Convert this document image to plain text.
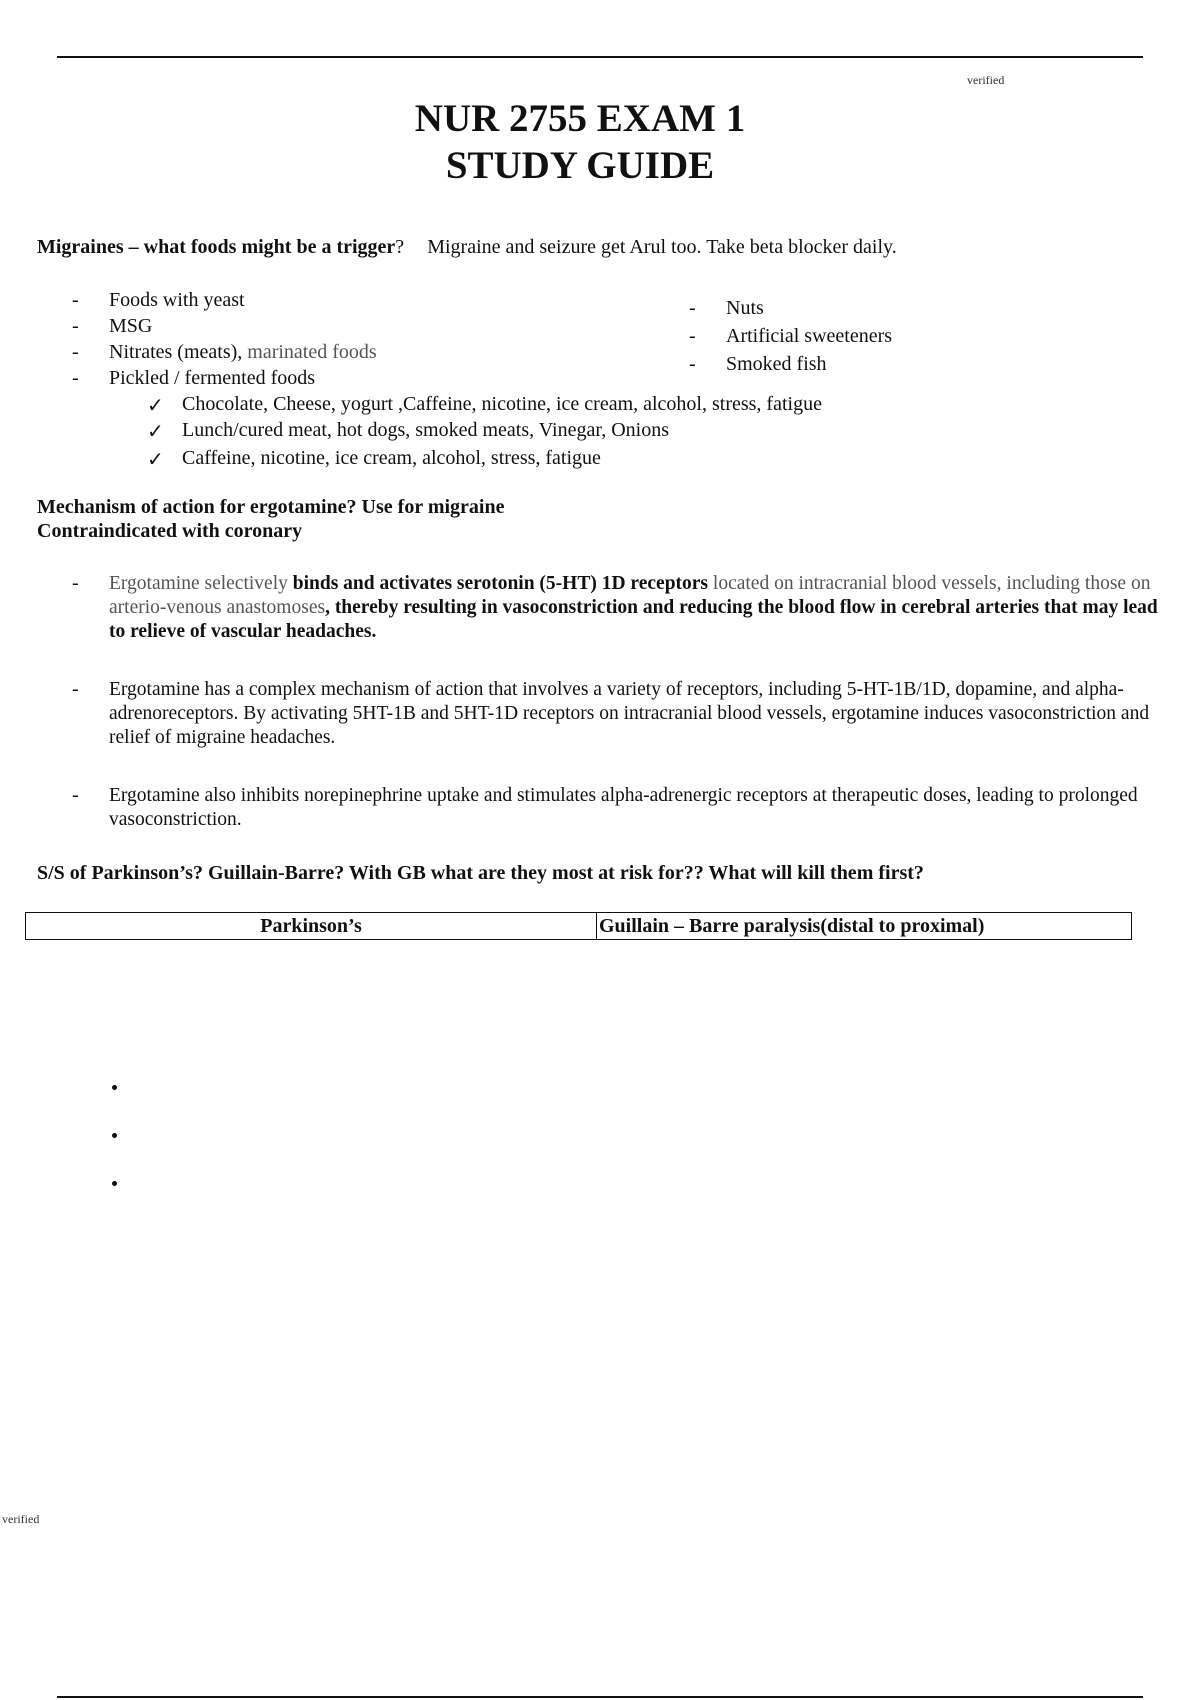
verified
NUR 2755 EXAM 1
STUDY GUIDE
Migraines – what foods might be a trigger? Migraine and seizure get Arul too. Take beta blocker daily.
- Foods with yeast
- MSG
- Nitrates (meats), marinated foods
- Pickled / fermented foods
- Nuts
- Artificial sweeteners
- Smoked fish
✓ Chocolate, Cheese, yogurt ,Caffeine, nicotine, ice cream, alcohol, stress, fatigue
✓ Lunch/cured meat, hot dogs, smoked meats, Vinegar, Onions
✓ Caffeine, nicotine, ice cream, alcohol, stress, fatigue
Mechanism of action for ergotamine? Use for migraine
Contraindicated with coronary
- Ergotamine selectively binds and activates serotonin (5-HT) 1D receptors located on intracranial blood vessels, including those on arterio-venous anastomoses, thereby resulting in vasoconstriction and reducing the blood flow in cerebral arteries that may lead to relieve of vascular headaches.
- Ergotamine has a complex mechanism of action that involves a variety of receptors, including 5-HT-1B/1D, dopamine, and alpha-adrenoreceptors. By activating 5HT-1B and 5HT-1D receptors on intracranial blood vessels, ergotamine induces vasoconstriction and relief of migraine headaches.
- Ergotamine also inhibits norepinephrine uptake and stimulates alpha-adrenergic receptors at therapeutic doses, leading to prolonged vasoconstriction.
S/S of Parkinson’s? Guillain-Barre? With GB what are they most at risk for?? What will kill them first?
Parkinson’s	Guillain – Barre paralysis(distal to proximal)
verified
